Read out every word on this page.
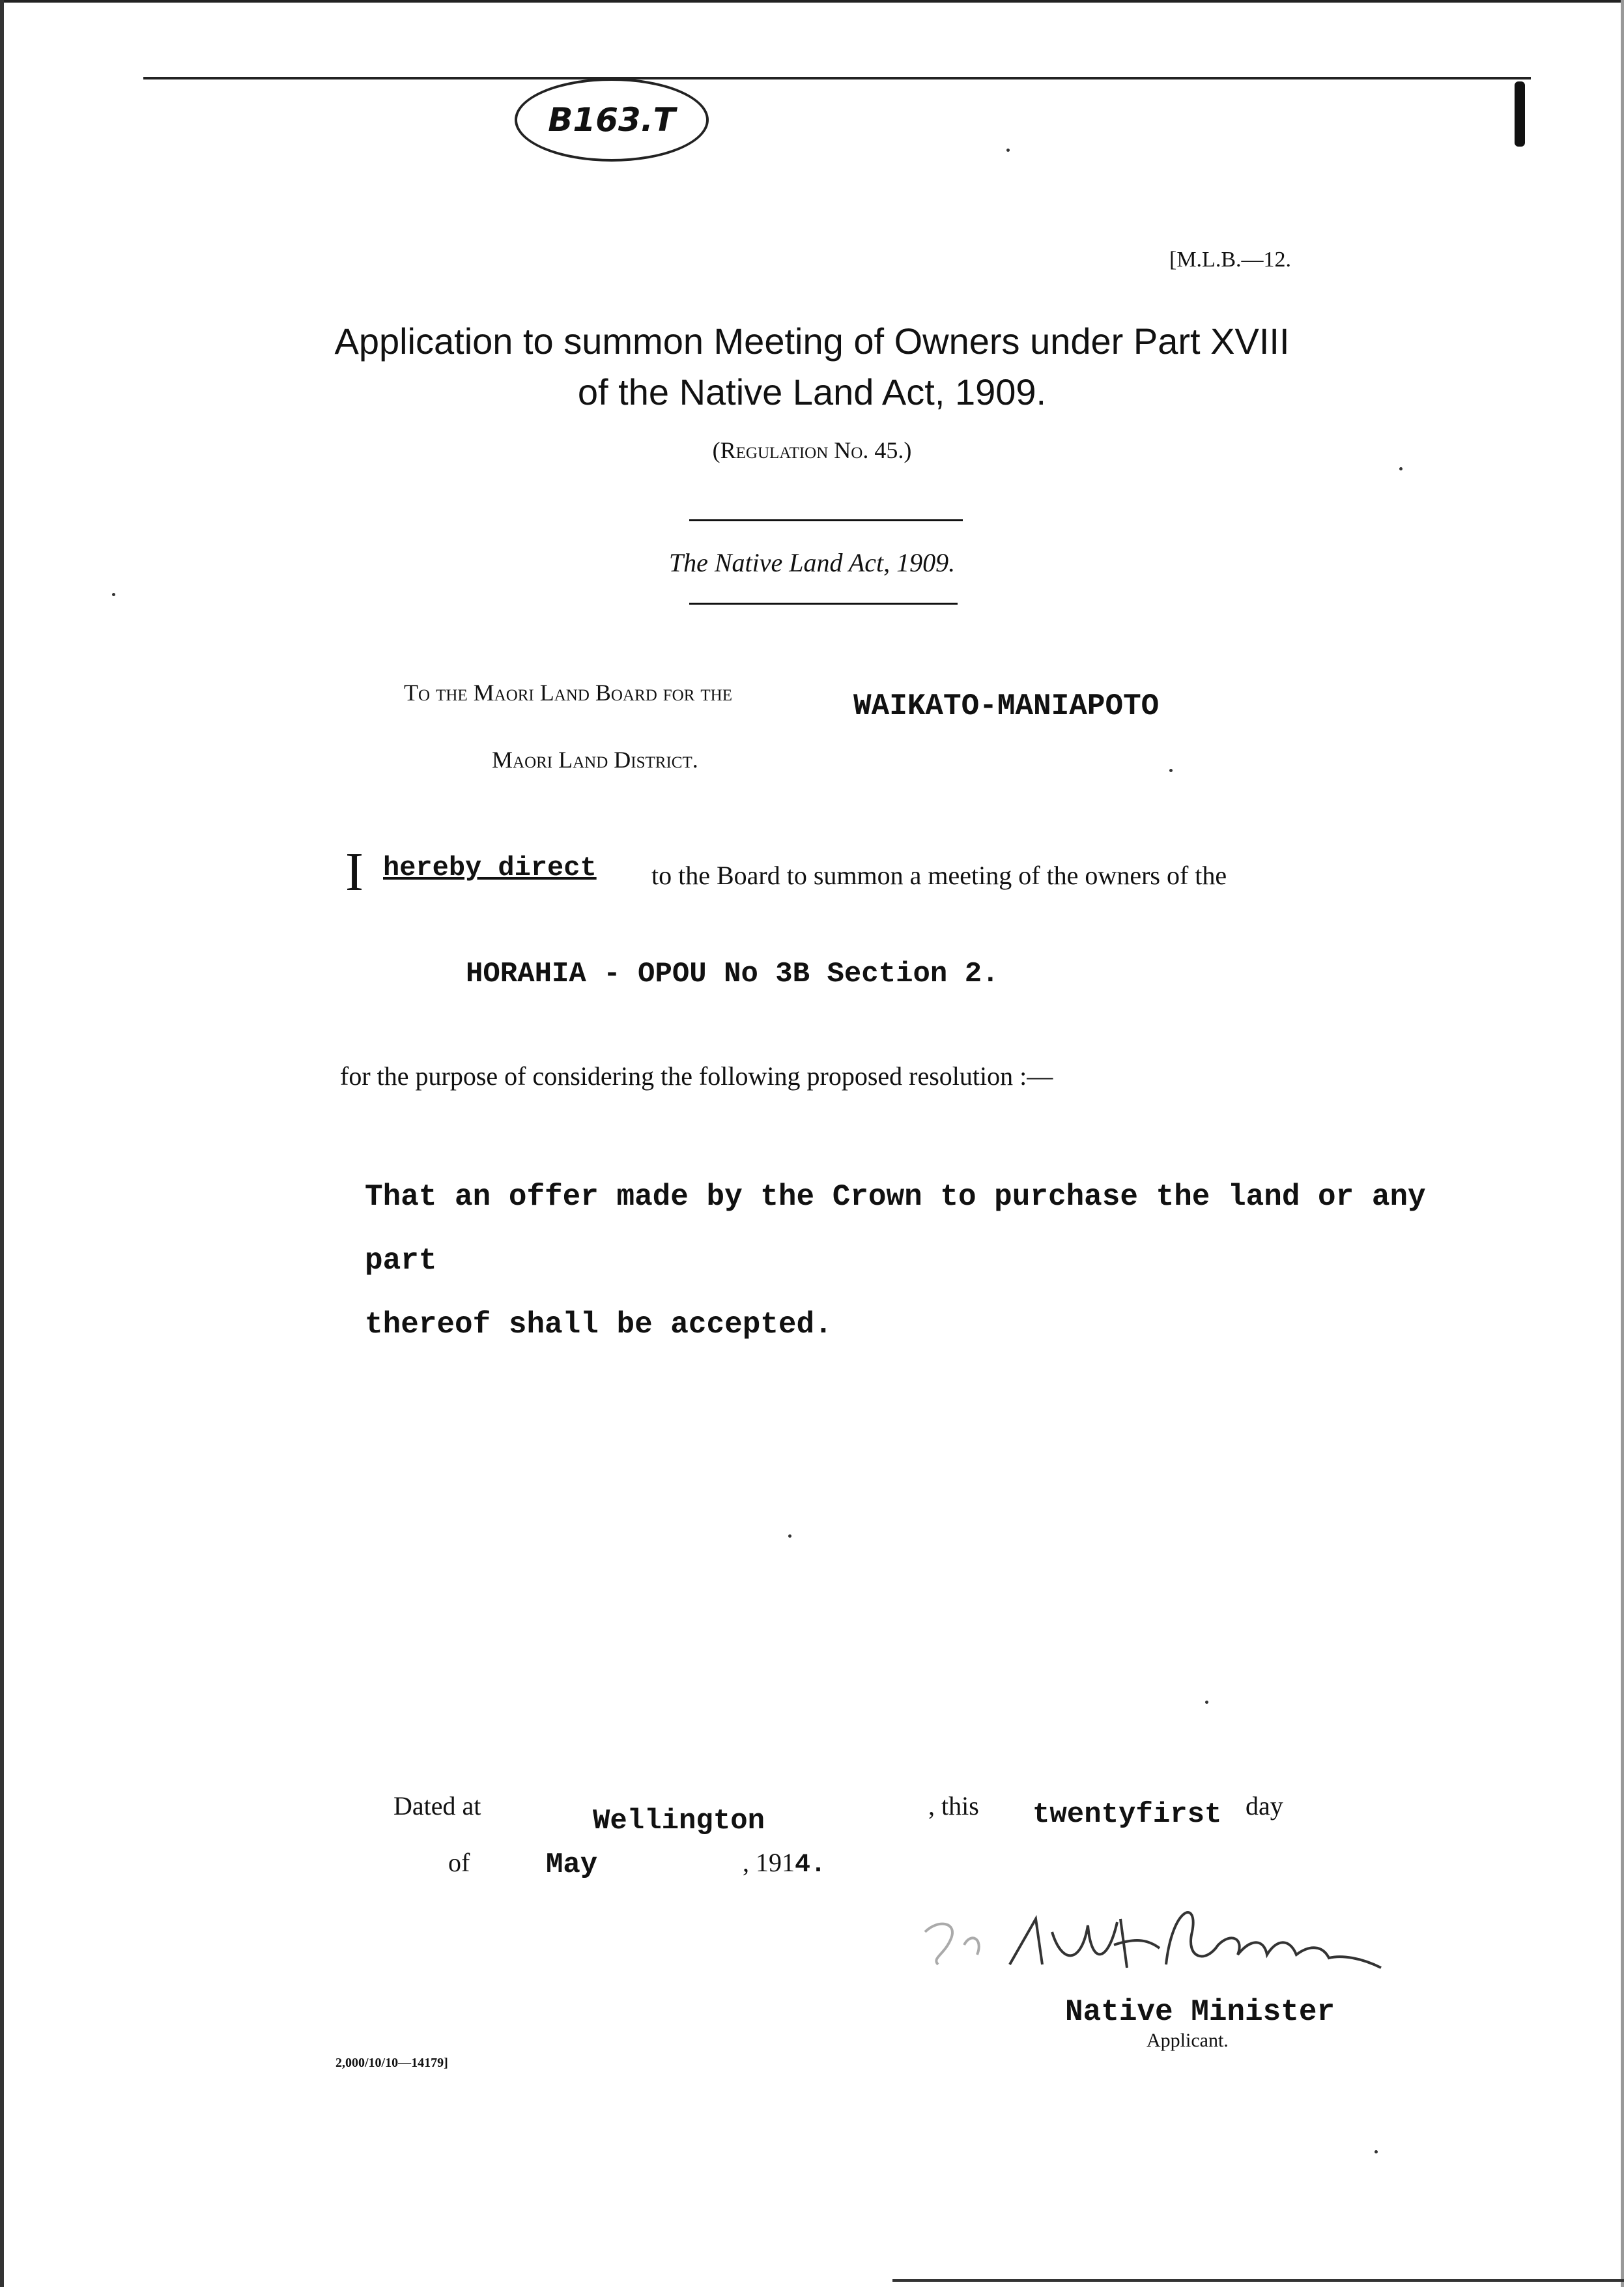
B163.T
[M.L.B.—12.
Application to summon Meeting of Owners under Part XVIII
of the Native Land Act, 1909.
(Regulation No. 45.)
The Native Land Act, 1909.
To the Maori Land Board for the	WAIKATO-MANIAPOTO
Maori Land District.
I hereby direct to the Board to summon a meeting of the owners of the
HORAHIA - OPOU No 3B Section 2.
for the purpose of considering the following proposed resolution :—
That an offer made by the Crown to purchase the land or any part
thereof shall be accepted.
Dated at	Wellington	, this twentyfirst day
of	May	, 1914.
Native Minister
Applicant.
2,000/10/10—14179]
